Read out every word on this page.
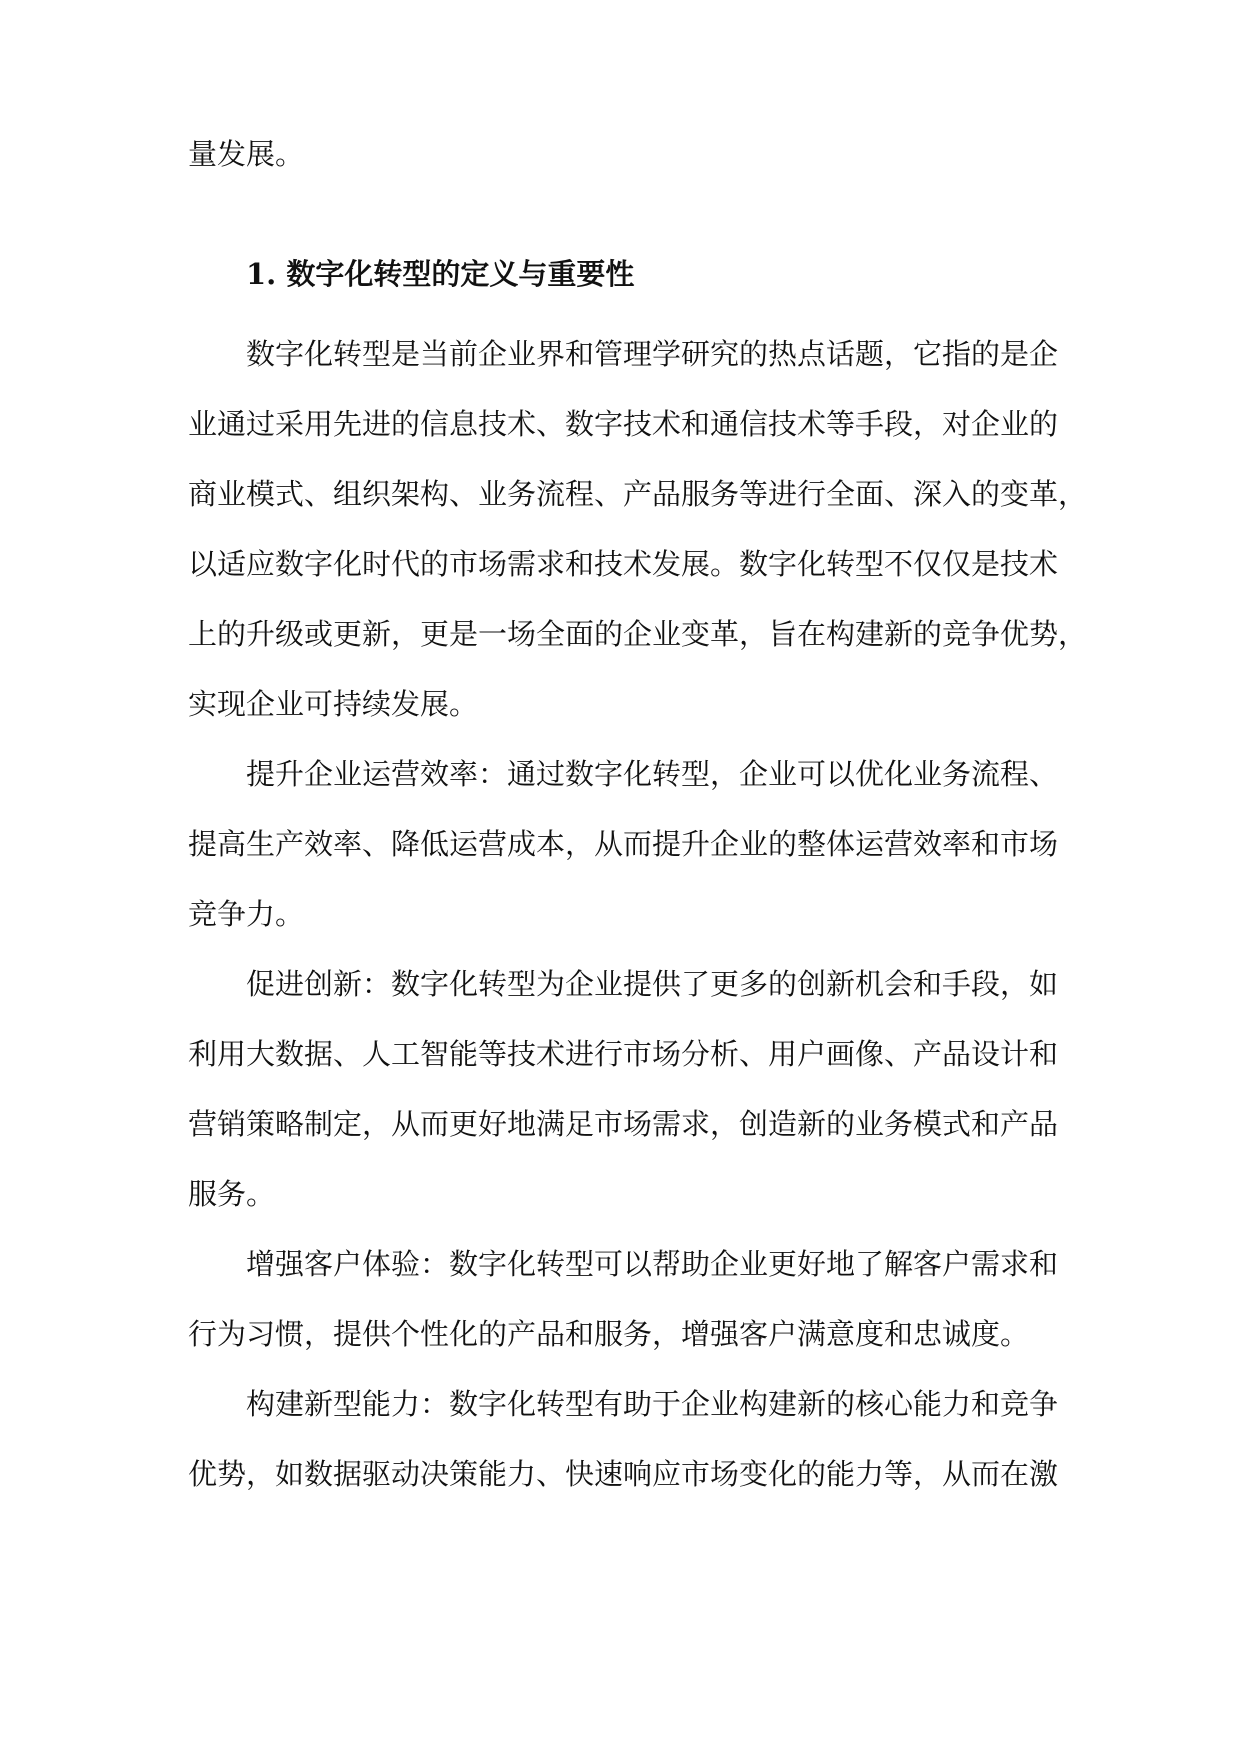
量发展。
1. 数字化转型的定义与重要性
数字化转型是当前企业界和管理学研究的热点话题，它指的是企
业通过采用先进的信息技术、数字技术和通信技术等手段，对企业的
商业模式、组织架构、业务流程、产品服务等进行全面、深入的变革，
以适应数字化时代的市场需求和技术发展。数字化转型不仅仅是技术
上的升级或更新，更是一场全面的企业变革，旨在构建新的竞争优势，
实现企业可持续发展。
提升企业运营效率：通过数字化转型，企业可以优化业务流程、
提高生产效率、降低运营成本，从而提升企业的整体运营效率和市场
竞争力。
促进创新：数字化转型为企业提供了更多的创新机会和手段，如
利用大数据、人工智能等技术进行市场分析、用户画像、产品设计和
营销策略制定，从而更好地满足市场需求，创造新的业务模式和产品
服务。
增强客户体验：数字化转型可以帮助企业更好地了解客户需求和
行为习惯，提供个性化的产品和服务，增强客户满意度和忠诚度。
构建新型能力：数字化转型有助于企业构建新的核心能力和竞争
优势，如数据驱动决策能力、快速响应市场变化的能力等，从而在激
